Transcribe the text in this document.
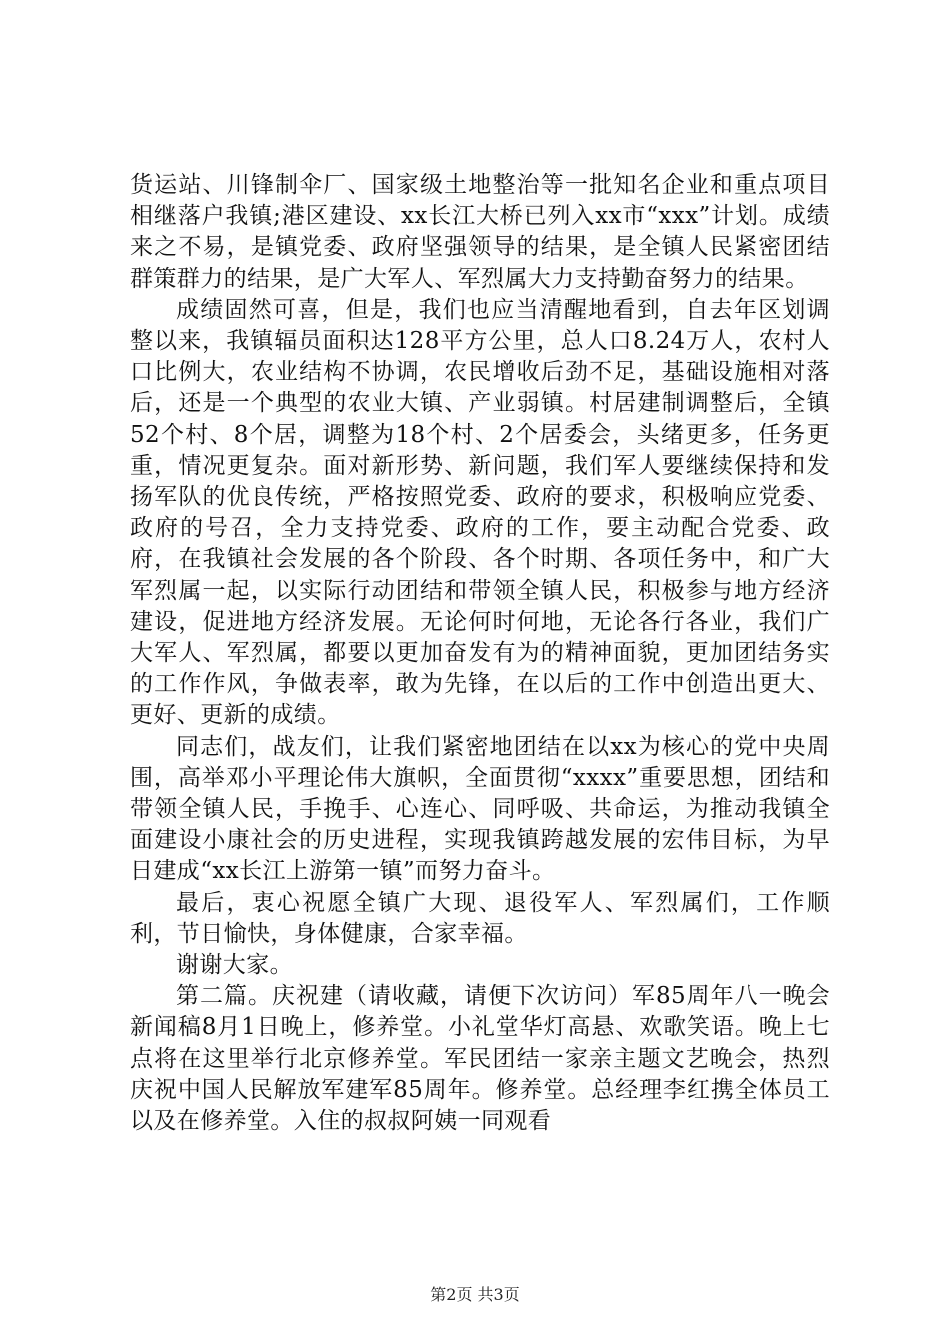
货运站、川锋制伞厂、国家级土地整治等一批知名企业和重点项目相继落户我镇;港区建设、xx长江大桥已列入xx市“xxx”计划。成绩来之不易，是镇党委、政府坚强领导的结果，是全镇人民紧密团结群策群力的结果，是广大军人、军烈属大力支持勤奋努力的结果。

成绩固然可喜，但是，我们也应当清醒地看到，自去年区划调整以来，我镇辐员面积达128平方公里，总人口8.24万人，农村人口比例大，农业结构不协调，农民增收后劲不足，基础设施相对落后，还是一个典型的农业大镇、产业弱镇。村居建制调整后，全镇52个村、8个居，调整为18个村、2个居委会，头绪更多，任务更重，情况更复杂。面对新形势、新问题，我们军人要继续保持和发扬军队的优良传统，严格按照党委、政府的要求，积极响应党委、政府的号召，全力支持党委、政府的工作，要主动配合党委、政府，在我镇社会发展的各个阶段、各个时期、各项任务中，和广大军烈属一起，以实际行动团结和带领全镇人民，积极参与地方经济建设，促进地方经济发展。无论何时何地，无论各行各业，我们广大军人、军烈属，都要以更加奋发有为的精神面貌，更加团结务实的工作作风，争做表率，敢为先锋，在以后的工作中创造出更大、更好、更新的成绩。

同志们，战友们，让我们紧密地团结在以xx为核心的党中央周围，高举邓小平理论伟大旗帜，全面贯彻“xxxx”重要思想，团结和带领全镇人民，手挽手、心连心、同呼吸、共命运，为推动我镇全面建设小康社会的历史进程，实现我镇跨越发展的宏伟目标，为早日建成“xx长江上游第一镇”而努力奋斗。

最后，衷心祝愿全镇广大现、退役军人、军烈属们，工作顺利，节日愉快，身体健康，合家幸福。

谢谢大家。

第二篇。庆祝建（请收藏，请便下次访问）军85周年八一晚会新闻稿8月1日晚上，修养堂。小礼堂华灯高悬、欢歌笑语。晚上七点将在这里举行北京修养堂。军民团结一家亲主题文艺晚会，热烈庆祝中国人民解放军建军85周年。修养堂。总经理李红携全体员工以及在修养堂。入住的叔叔阿姨一同观看

第2页 共3页
